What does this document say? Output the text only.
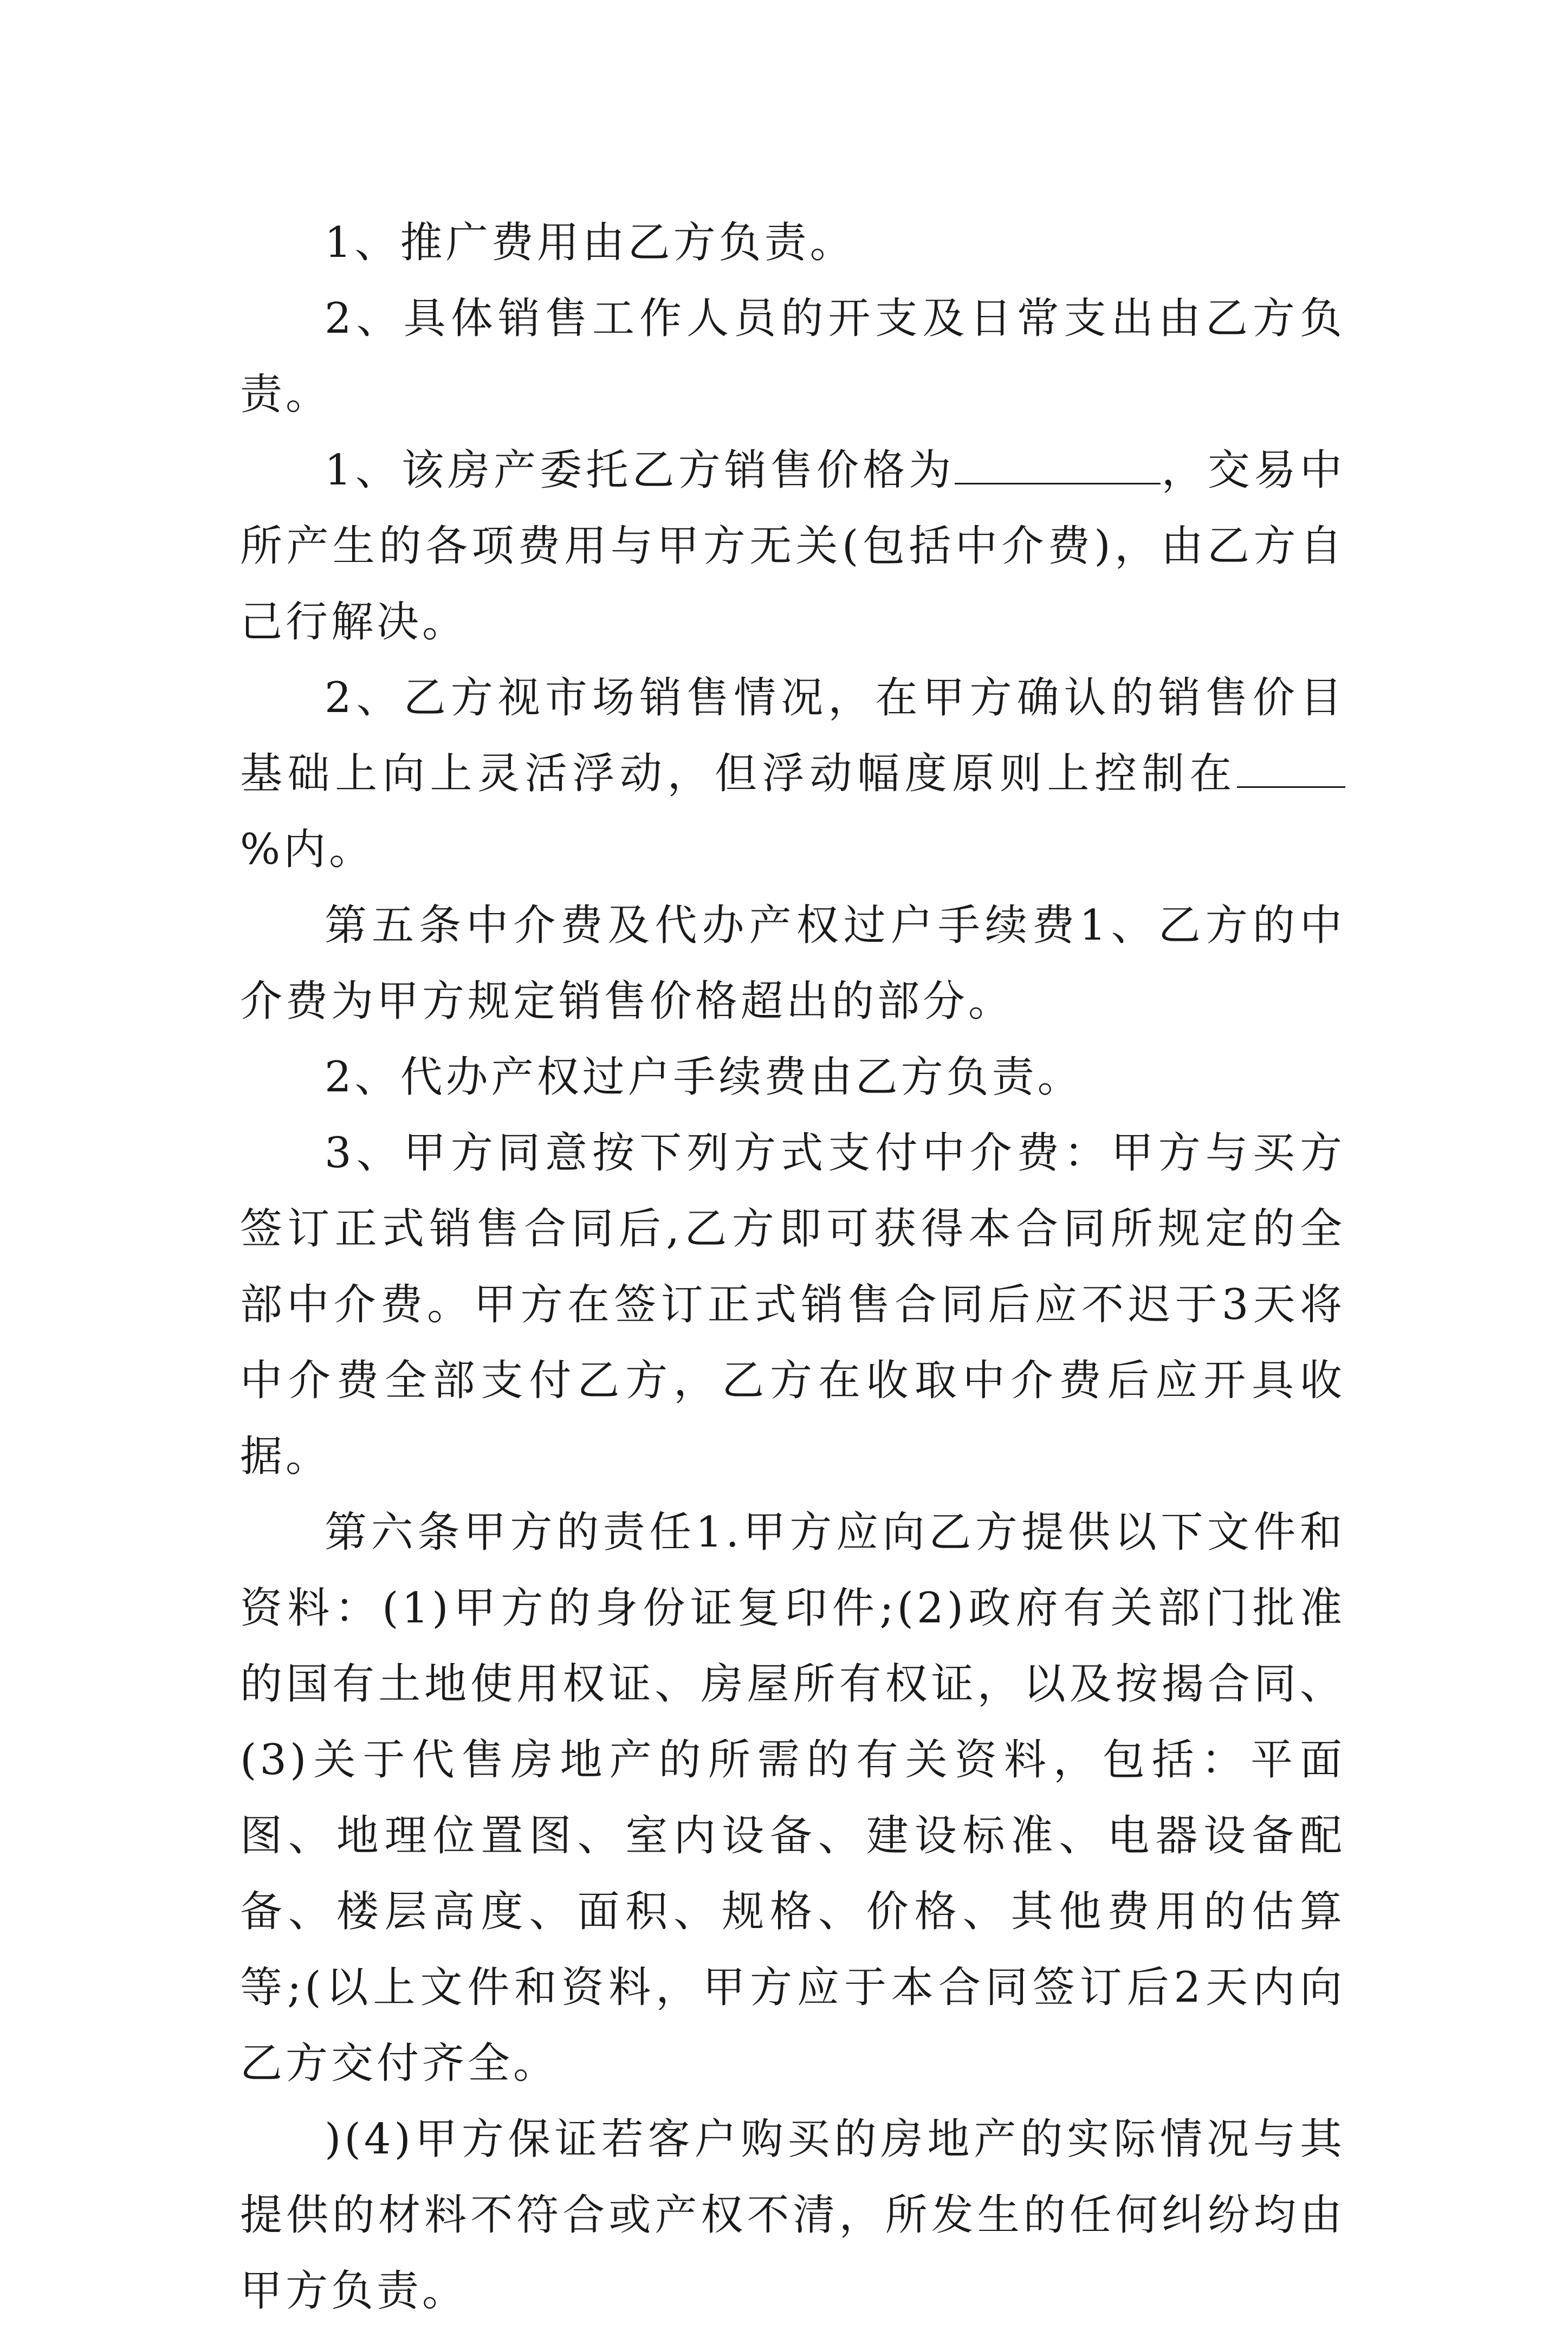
1、推广费用由乙方负责。

2、具体销售工作人员的开支及日常支出由乙方负责。

1、该房产委托乙方销售价格为	，交易中所产生的各项费用与甲方无关(包括中介费)，由乙方自己行解决。

2、乙方视市场销售情况，在甲方确认的销售价目基础上向上灵活浮动，但浮动幅度原则上控制在%内。

第五条中介费及代办产权过户手续费1、乙方的中介费为甲方规定销售价格超出的部分。

2、代办产权过户手续费由乙方负责。

3、甲方同意按下列方式支付中介费：甲方与买方签订正式销售合同后,乙方即可获得本合同所规定的全部中介费。甲方在签订正式销售合同后应不迟于3天将中介费全部支付乙方，乙方在收取中介费后应开具收据。

第六条甲方的责任1.甲方应向乙方提供以下文件和资料：(1)甲方的身份证复印件;(2)政府有关部门批准的国有土地使用权证、房屋所有权证，以及按揭合同、(3)关于代售房地产的所需的有关资料，包括：平面图、地理位置图、室内设备、建设标准、电器设备配备、楼层高度、面积、规格、价格、其他费用的估算等;(以上文件和资料，甲方应于本合同签订后2天内向乙方交付齐全。

)(4)甲方保证若客户购买的房地产的实际情况与其提供的材料不符合或产权不清，所发生的任何纠纷均由甲方负责。
